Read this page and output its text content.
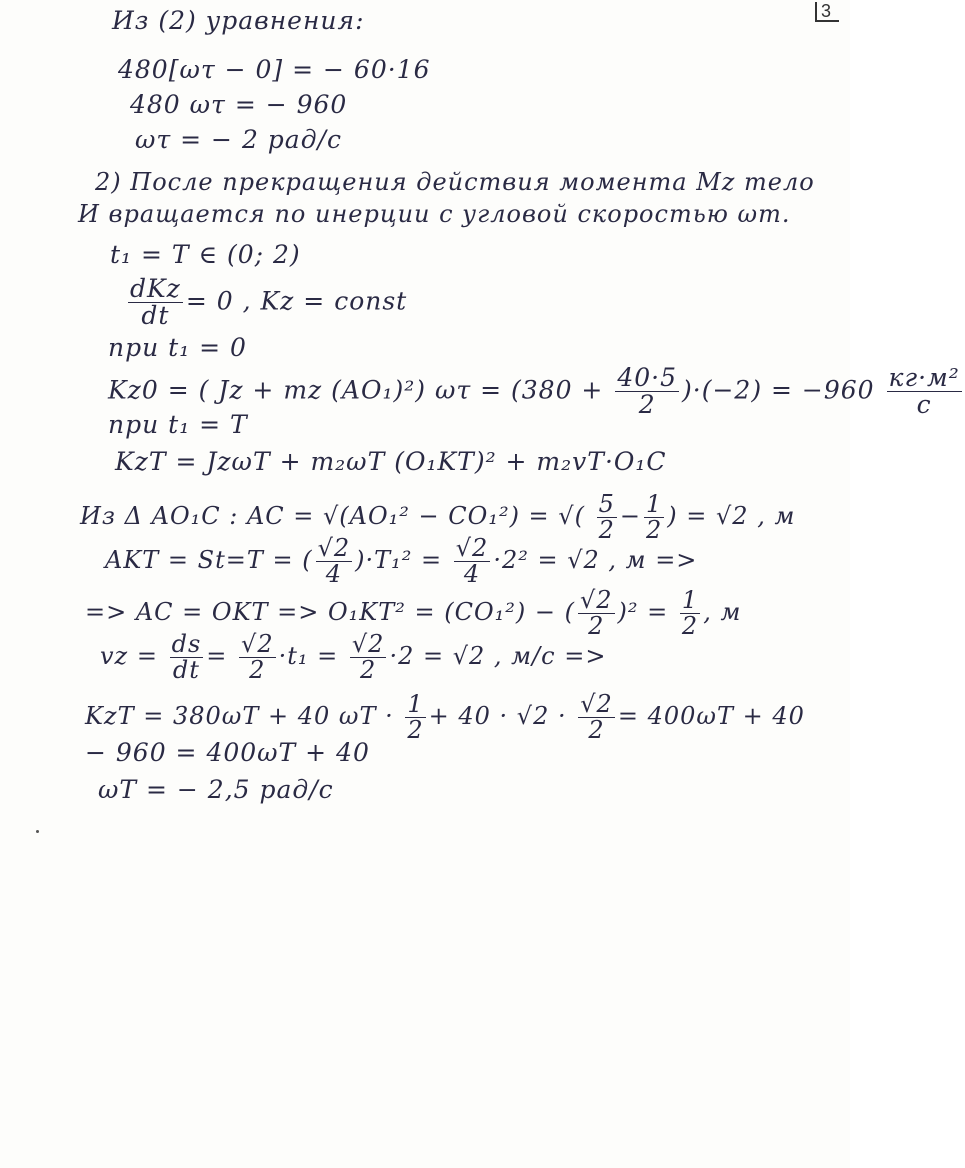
3
Из (2) уравнения:
480[ωτ − 0] = − 60·16
480 ωτ = − 960
ωτ = − 2 рад/с
2) После прекращения действия момента Mz тело
И вращается по инерции с угловой скоростью ωт.
t₁ = T ∈ (0; 2)
$\frac{\text{dKz}}{dt} = 0$ , Kz = const
при t₁ = 0
Kz0 = ( Jz + mz (AO₁)²) $\omega\tau = (380 + \frac{40\cdot 5}{2} )\cdot(-2) = -960 \frac{\text{кг·м²}}{с}$
при t₁ = T
KzT = JzωT + m₂ωT (O₁KT)² + m₂vT·O₁C
Из Δ AO₁C : AC = √(AO₁² − CO₁²) = √( $\frac{5}{2} - \frac{1}{2}$ ) = √2 , м
AKT = St=T = ( $\frac{√2}{4} )\cdot T_1^2 = \frac{√2}{4} \cdot 2^2 = √2$ , м =>
=> AC = OKT => O₁KT² = (CO₁²) − ( $\frac{√2}{2} )^2 = \frac{1}{2}$ , м
vz = $\frac{ds}{dt} = \frac{√2}{2} \cdot t_1 = \frac{√2}{2} \cdot 2 = √2$ , м/с =>
KzT = 380ωT + 40 $\omega T \cdot \frac{1}{2} + 40 \cdot √2 \cdot \frac{√2}{2} = 400\omega T + 40$
− 960 = 400ωT + 40
ωT = − 2,5 рад/с
